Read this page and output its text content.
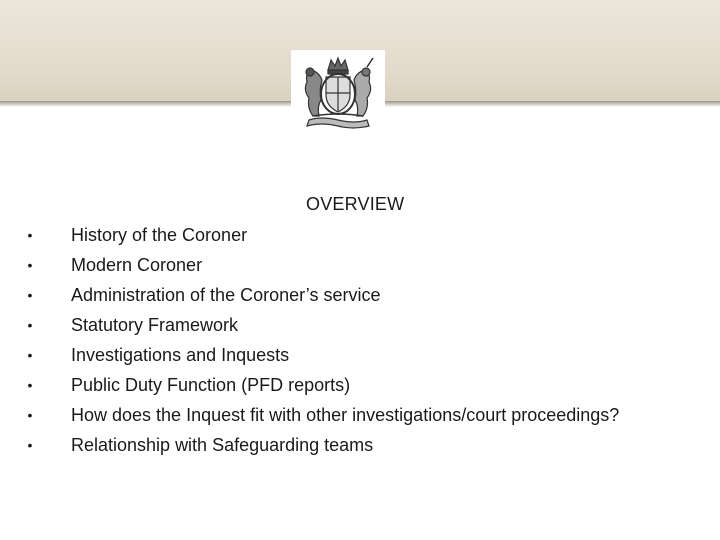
OVERVIEW
• History of the Coroner
• Modern Coroner
• Administration of the Coroner’s service
• Statutory Framework
• Investigations and Inquests
• Public Duty Function (PFD reports)
• How does the Inquest fit with other investigations/court proceedings?
• Relationship with Safeguarding teams
